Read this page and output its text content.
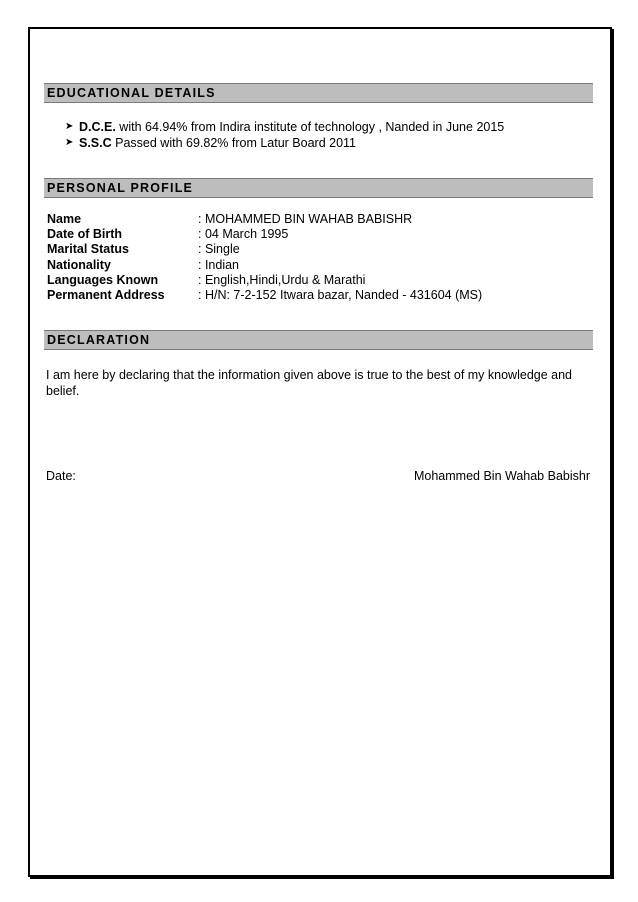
EDUCATIONAL DETAILS
➤ D.C.E. with 64.94% from Indira institute of technology , Nanded in June 2015
➤ S.S.C Passed with 69.82% from Latur Board 2011
PERSONAL PROFILE
Name	: MOHAMMED BIN WAHAB BABISHR
Date of Birth	: 04 March 1995
Marital Status	: Single
Nationality	: Indian
Languages Known	: English,Hindi,Urdu & Marathi
Permanent Address	: H/N: 7-2-152 Itwara bazar, Nanded - 431604 (MS)
DECLARATION
I am here by declaring that the information given above is true to the best of my knowledge and belief.
Date:	Mohammed Bin Wahab Babishr
